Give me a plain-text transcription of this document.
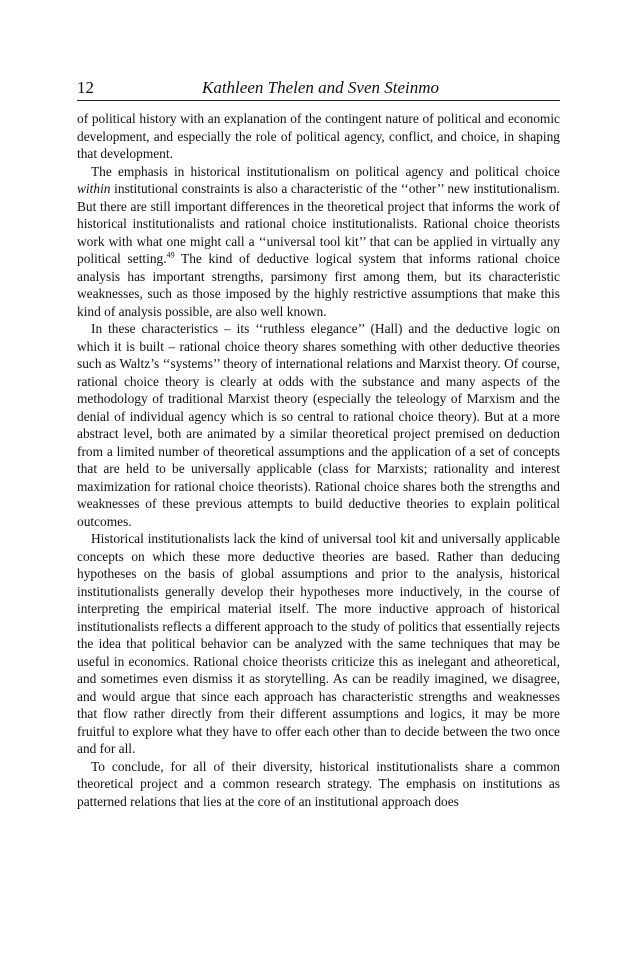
12	Kathleen Thelen and Sven Steinmo

of political history with an explanation of the contingent nature of political and economic development, and especially the role of political agency, conflict, and choice, in shaping that development.

The emphasis in historical institutionalism on political agency and political choice within institutional constraints is also a characteristic of the ‘‘other’’ new institutionalism. But there are still important differences in the theoretical project that informs the work of historical institutionalists and rational choice institutionalists. Rational choice theorists work with what one might call a ‘‘universal tool kit’’ that can be applied in virtually any political setting.$^{49}$ The kind of deductive logical system that informs rational choice analysis has important strengths, parsimony first among them, but its characteristic weaknesses, such as those imposed by the highly restrictive assumptions that make this kind of analysis possible, are also well known.

In these characteristics – its ‘‘ruthless elegance’’ (Hall) and the deductive logic on which it is built – rational choice theory shares something with other deductive theories such as Waltz’s ‘‘systems’’ theory of international relations and Marxist theory. Of course, rational choice theory is clearly at odds with the substance and many aspects of the methodology of traditional Marxist theory (especially the teleology of Marxism and the denial of individual agency which is so central to rational choice theory). But at a more abstract level, both are animated by a similar theoretical project premised on deduction from a limited number of theoretical assumptions and the application of a set of concepts that are held to be universally applicable (class for Marxists; rationality and interest maximization for rational choice theorists). Rational choice shares both the strengths and weaknesses of these previous attempts to build deductive theories to explain political outcomes.

Historical institutionalists lack the kind of universal tool kit and universally applicable concepts on which these more deductive theories are based. Rather than deducing hypotheses on the basis of global assumptions and prior to the analysis, historical institutionalists generally develop their hypotheses more inductively, in the course of interpreting the empirical material itself. The more inductive approach of historical institutionalists reflects a different approach to the study of politics that essentially rejects the idea that political behavior can be analyzed with the same techniques that may be useful in economics. Rational choice theorists criticize this as inelegant and atheoretical, and sometimes even dismiss it as storytelling. As can be readily imagined, we disagree, and would argue that since each approach has characteristic strengths and weaknesses that flow rather directly from their different assumptions and logics, it may be more fruitful to explore what they have to offer each other than to decide between the two once and for all.

To conclude, for all of their diversity, historical institutionalists share a common theoretical project and a common research strategy. The emphasis on institutions as patterned relations that lies at the core of an institutional approach does
